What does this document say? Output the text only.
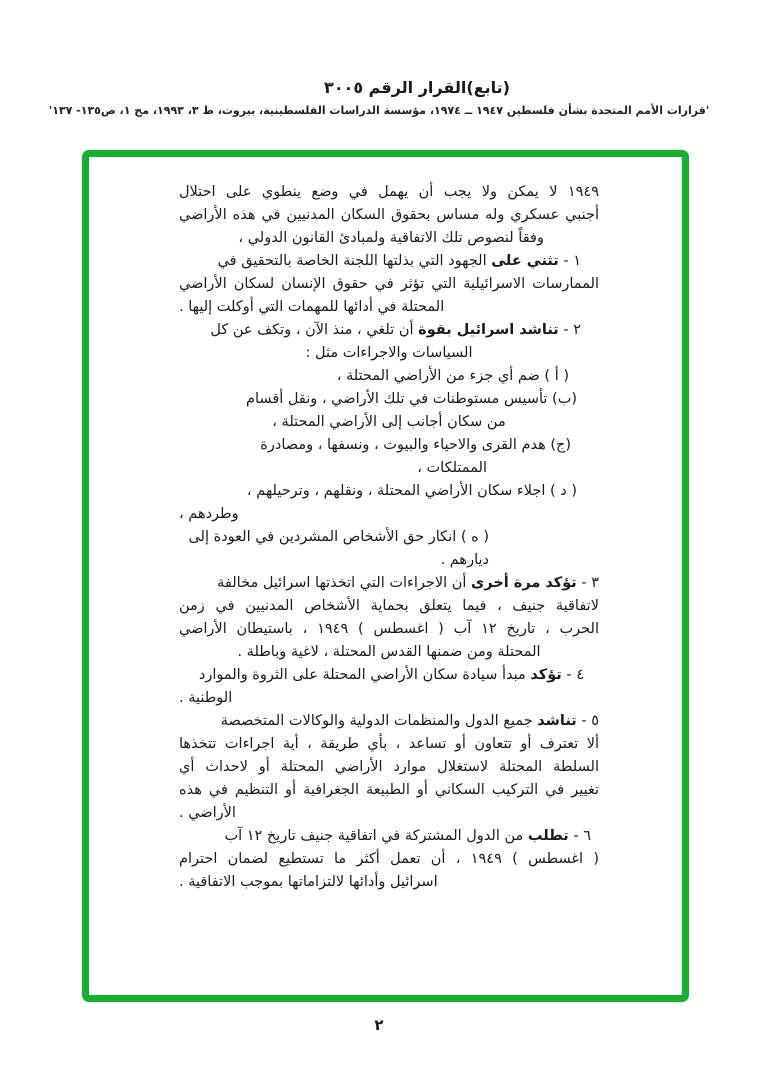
(تابع)القرار الرقم ٣٠٠٥
'قرارات الأمم المتحدة بشأن فلسطين ١٩٤٧ ــ ١٩٧٤، مؤسسة الدراسات الفلسطينية، بيروت، ط ٣، ١٩٩٣، مج ١، ص١٣٥- ١٣٧'
١٩٤٩ لا يمكن ولا يجب أن يهمل في وضع ينطوي على احتلال
أجنبي عسكري وله مساس بحقوق السكان المدنيين في هذه الأراضي
وفقاً لنصوص تلك الاتفاقية ولمبادئ القانون الدولي ،
١ - تثني على الجهود التي بذلتها اللجنة الخاصة بالتحقيق في
الممارسات الاسرائيلية التي تؤثر في حقوق الإنسان لسكان الأراضي
المحتلة في أدائها للمهمات التي أوكلت إليها .
٢ - تناشد اسرائيل بقوة أن تلغي ، منذ الآن ، وتكف عن كل
السياسات والاجراءات مثل :
( أ ) ضم أي جزء من الأراضي المحتلة ،
(ب) تأسيس مستوطنات في تلك الأراضي ، ونقل أقسام
من سكان أجانب إلى الأراضي المحتلة ،
(ج) هدم القرى والاحياء والبيوت ، ونسفها ، ومصادرة
الممتلكات ،
( د ) اجلاء سكان الأراضي المحتلة ، ونقلهم ، وترحيلهم ،
وطردهم ،
( ه ) انكار حق الأشخاص المشردين في العودة إلى ديارهم .
٣ - تؤكد مرة أخرى أن الاجراءات التي اتخذتها اسرائيل مخالفة
لاتفاقية جنيف ، فيما يتعلق بحماية الأشخاص المدنيين في زمن
الحرب ، تاريخ ١٢ آب ( اغسطس ) ١٩٤٩ ، باستيطان الأراضي
المحتلة ومن ضمنها القدس المحتلة ، لاغية وباطلة .
٤ - تؤكد مبدأ سيادة سكان الأراضي المحتلة على الثروة والموارد
الوطنية .
٥ - تناشد جميع الدول والمنظمات الدولية والوكالات المتخصصة
ألا تعترف أو تتعاون أو تساعد ، بأي طريقة ، أية اجراءات تتخذها
السلطة المحتلة لاستغلال موارد الأراضي المحتلة أو لاحداث أي
تغيير في التركيب السكاني أو الطبيعة الجغرافية أو التنظيم في هذه
الأراضي .
٦ - تطلب من الدول المشتركة في اتفاقية جنيف تاريخ ١٢ آب
( اغسطس ) ١٩٤٩ ، أن تعمل أكثر ما تستطيع لضمان احترام
اسرائيل وأدائها لالتزاماتها بموجب الاتفاقية .
٢
